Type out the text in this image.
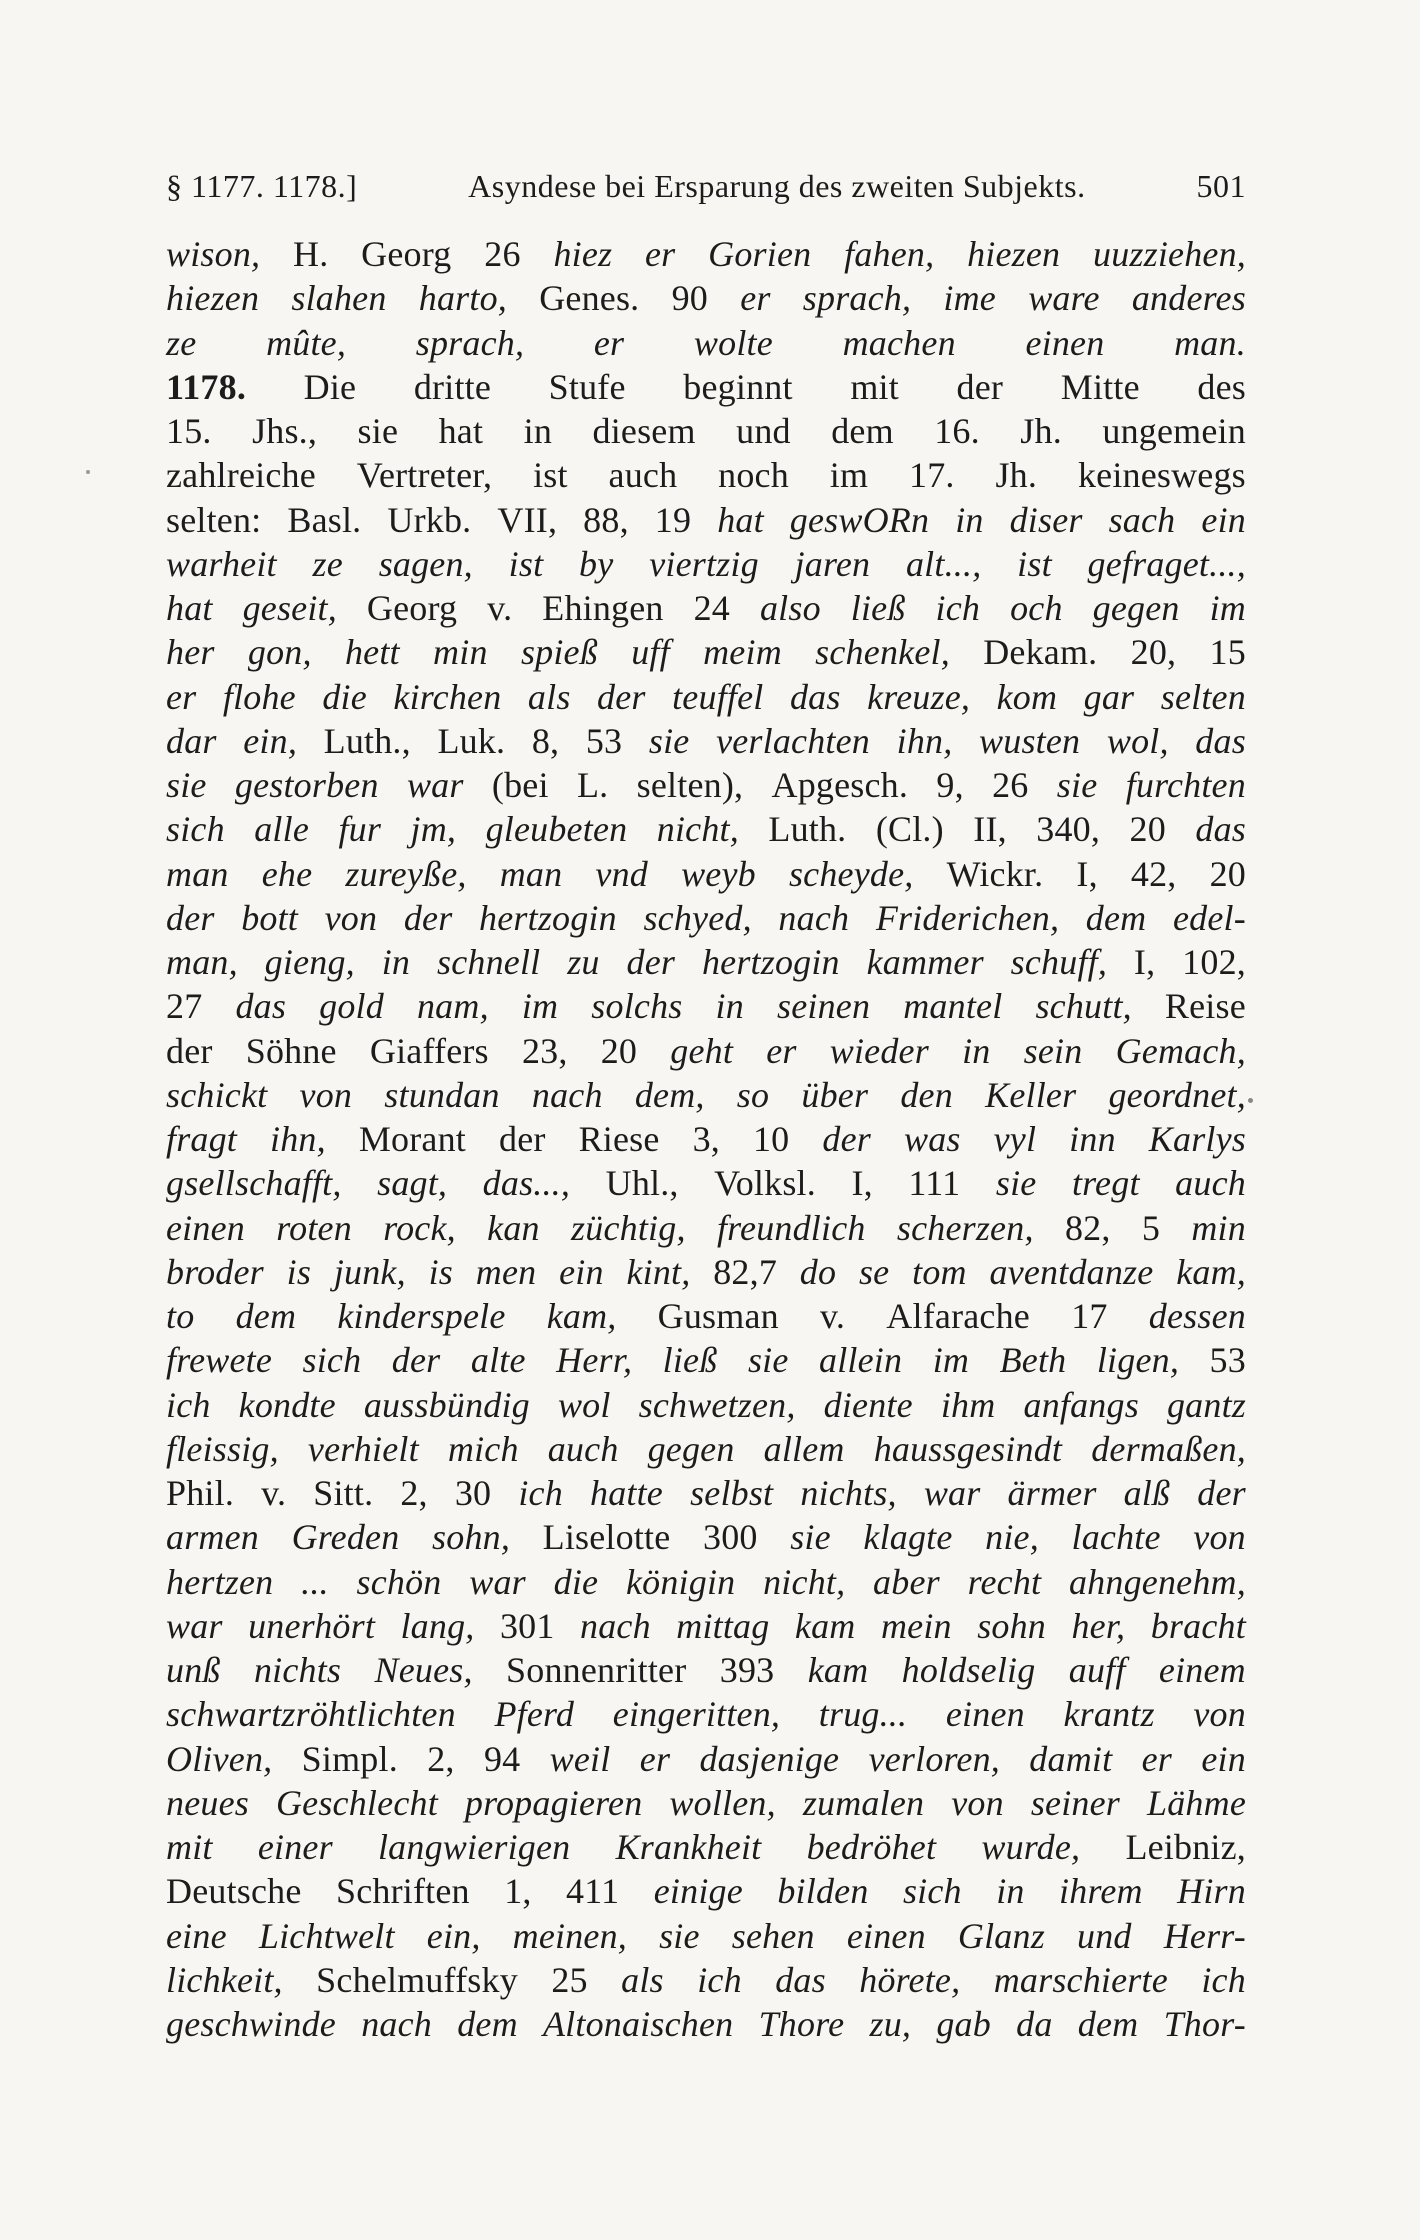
§ 1177. 1178.]	Asyndese bei Ersparung des zweiten Subjekts.	501
wison, H. Georg 26 hiez er Gorien fahen, hiezen uuzziehen,
hiezen slahen harto, Genes. 90 er sprach, ime ware anderes
ze mûte, sprach, er wolte machen einen man.
1178. Die dritte Stufe beginnt mit der Mitte des
15. Jhs., sie hat in diesem und dem 16. Jh. ungemein
zahlreiche Vertreter, ist auch noch im 17. Jh. keineswegs
selten: Basl. Urkb. VII, 88, 19 hat geswORn in diser sach ein
warheit ze sagen, ist by viertzig jaren alt..., ist gefraget...,
hat geseit, Georg v. Ehingen 24 also ließ ich och gegen im
her gon, hett min spieß uff meim schenkel, Dekam. 20, 15
er flohe die kirchen als der teuffel das kreuze, kom gar selten
dar ein, Luth., Luk. 8, 53 sie verlachten ihn, wusten wol, das
sie gestorben war (bei L. selten), Apgesch. 9, 26 sie furchten
sich alle fur jm, gleubeten nicht, Luth. (Cl.) II, 340, 20 das
man ehe zureyße, man vnd weyb scheyde, Wickr. I, 42, 20
der bott von der hertzogin schyed, nach Friderichen, dem edel-
man, gieng, in schnell zu der hertzogin kammer schuff, I, 102,
27 das gold nam, im solchs in seinen mantel schutt, Reise
der Söhne Giaffers 23, 20 geht er wieder in sein Gemach,
schickt von stundan nach dem, so über den Keller geordnet,
fragt ihn, Morant der Riese 3, 10 der was vyl inn Karlys
gsellschafft, sagt, das..., Uhl., Volksl. I, 111 sie tregt auch
einen roten rock, kan züchtig, freundlich scherzen, 82, 5 min
broder is junk, is men ein kint, 82,7 do se tom aventdanze kam,
to dem kinderspele kam, Gusman v. Alfarache 17 dessen
frewete sich der alte Herr, ließ sie allein im Beth ligen, 53
ich kondte aussbündig wol schwetzen, diente ihm anfangs gantz
fleissig, verhielt mich auch gegen allem haussgesindt dermaßen,
Phil. v. Sitt. 2, 30 ich hatte selbst nichts, war ärmer alß der
armen Greden sohn, Liselotte 300 sie klagte nie, lachte von
hertzen ... schön war die königin nicht, aber recht ahngenehm,
war unerhört lang, 301 nach mittag kam mein sohn her, bracht
unß nichts Neues, Sonnenritter 393 kam holdselig auff einem
schwartzröhtlichten Pferd eingeritten, trug... einen krantz von
Oliven, Simpl. 2, 94 weil er dasjenige verloren, damit er ein
neues Geschlecht propagieren wollen, zumalen von seiner Lähme
mit einer langwierigen Krankheit bedröhet wurde, Leibniz,
Deutsche Schriften 1, 411 einige bilden sich in ihrem Hirn
eine Lichtwelt ein, meinen, sie sehen einen Glanz und Herr-
lichkeit, Schelmuffsky 25 als ich das hörete, marschierte ich
geschwinde nach dem Altonaischen Thore zu, gab da dem Thor-
